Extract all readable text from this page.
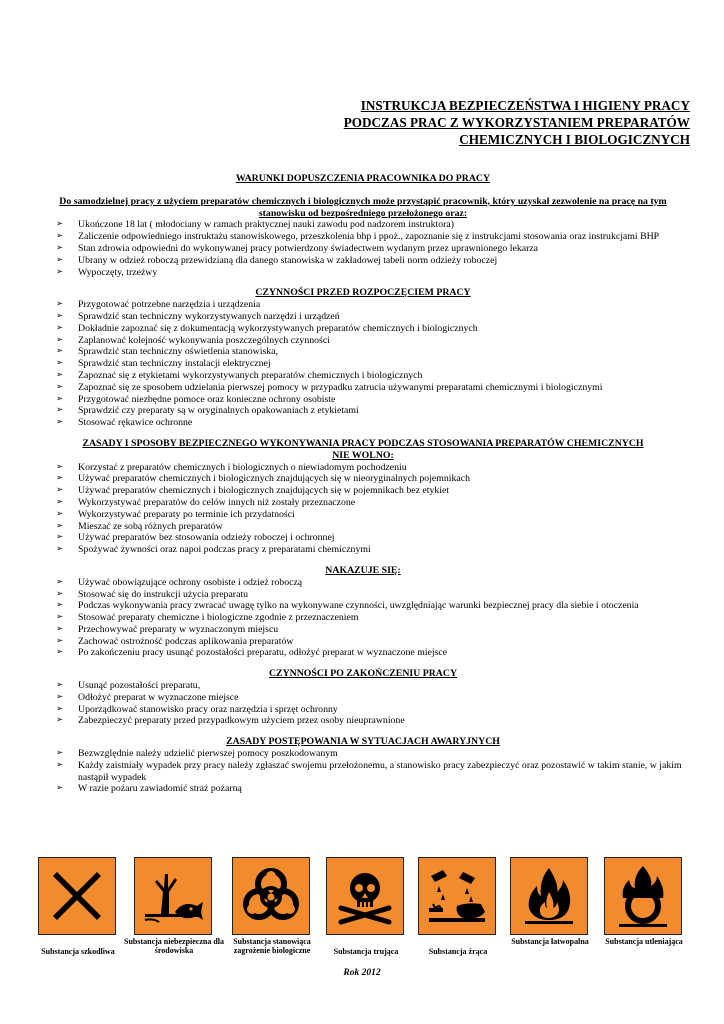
INSTRUKCJA BEZPIECZEŃSTWA I HIGIENY PRACY
PODCZAS PRAC Z WYKORZYSTANIEM PREPARATÓW
CHEMICZNYCH I BIOLOGICZNYCH
WARUNKI DOPUSZCZENIA PRACOWNIKA DO PRACY
Do samodzielnej pracy z użyciem preparatów chemicznych i biologicznych może przystąpić pracownik, który uzyskał zezwolenie na pracę na tym
stanowisku od bezpośredniego przełożonego oraz:
➢ Ukończone 18 lat ( młodociany w ramach praktycznej nauki zawodu pod nadzorem instruktora)
➢ Zaliczenie odpowiedniego instruktażu stanowiskowego, przeszkolenia bhp i ppoż., zapoznanie się z instrukcjami stosowania oraz instrukcjami BHP
➢ Stan zdrowia odpowiedni do wykonywanej pracy potwierdzony świadectwem wydanym przez uprawnionego lekarza
➢ Ubrany w odzież roboczą przewidzianą dla danego stanowiska w zakładowej tabeli norm odzieży roboczej
➢ Wypoczęty, trzeźwy
CZYNNOŚCI PRZED ROZPOCZĘCIEM PRACY
➢ Przygotować potrzebne narzędzia i urządzenia
➢ Sprawdzić stan techniczny wykorzystywanych narzędzi i urządzeń
➢ Dokładnie zapoznać się z dokumentacją wykorzystywanych preparatów chemicznych i biologicznych
➢ Zaplanować kolejność wykonywania poszczególnych czynności
➢ Sprawdzić stan techniczny oświetlenia stanowiska,
➢ Sprawdzić stan techniczny instalacji elektrycznej
➢ Zapoznać się z etykietami wykorzystywanych preparatów chemicznych i biologicznych
➢ Zapoznać się ze sposobem udzielania pierwszej pomocy w przypadku zatrucia używanymi preparatami chemicznymi i biologicznymi
➢ Przygotować niezbędne pomoce oraz konieczne ochrony osobiste
➢ Sprawdzić czy preparaty są w oryginalnych opakowaniach z etykietami
➢ Stosować rękawice ochronne
ZASADY I SPOSOBY BEZPIECZNEGO WYKONYWANIA PRACY PODCZAS STOSOWANIA PREPARATÓW CHEMICZNYCH
NIE WOLNO:
➢ Korzystać z preparatów chemicznych i biologicznych o niewiadomym pochodzeniu
➢ Używać preparatów chemicznych i biologicznych znajdujących się w nieoryginalnych pojemnikach
➢ Używać preparatów chemicznych i biologicznych znajdujących się w pojemnikach bez etykiet
➢ Wykorzystywać preparatów do celów innych niż zostały przeznaczone
➢ Wykorzystywać preparaty po terminie ich przydatności
➢ Mieszać ze sobą różnych preparatów
➢ Używać preparatów bez stosowania odzieży roboczej i ochronnej
➢ Spożywać żywności oraz napoi podczas pracy z preparatami chemicznymi
NAKAZUJE SIĘ:
➢ Używać obowiązujące ochrony osobiste i odzież roboczą
➢ Stosować się do instrukcji użycia preparatu
➢ Podczas wykonywania pracy zwracać uwagę tylko na wykonywane czynności, uwzględniając warunki bezpiecznej pracy dla siebie i otoczenia
➢ Stosować preparaty chemiczne i biologiczne zgodnie z przeznaczeniem
➢ Przechowywać preparaty w wyznaczonym miejscu
➢ Zachować ostrożność podczas aplikowania preparatów
➢ Po zakończeniu pracy usunąć pozostałości preparatu, odłożyć preparat w wyznaczone miejsce
CZYNNOŚCI PO ZAKOŃCZENIU PRACY
➢ Usunąć pozostałości preparatu,
➢ Odłożyć preparat w wyznaczone miejsce
➢ Uporządkować stanowisko pracy oraz narzędzia i sprzęt ochronny
➢ Zabezpieczyć preparaty przed przypadkowym użyciem przez osoby nieuprawnione
ZASADY POSTĘPOWANIA W SYTUACJACH AWARYJNYCH
➢ Bezwzględnie należy udzielić pierwszej pomocy poszkodowanym
➢ Każdy zaistniały wypadek przy pracy należy zgłaszać swojemu przełożonemu, a stanowisko pracy zabezpieczyć oraz pozostawić w takim stanie, w jakim nastąpił wypadek
➢ W razie pożaru zawiadomić straż pożarną
Substancja szkodliwa
Substancja niebezpieczna dla środowiska
Substancja stanowiąca zagrożenie biologiczne	Substancja trująca	Substancja żrąca
Substancja łatwopalna	Substancja utleniająca
Rok 2012
